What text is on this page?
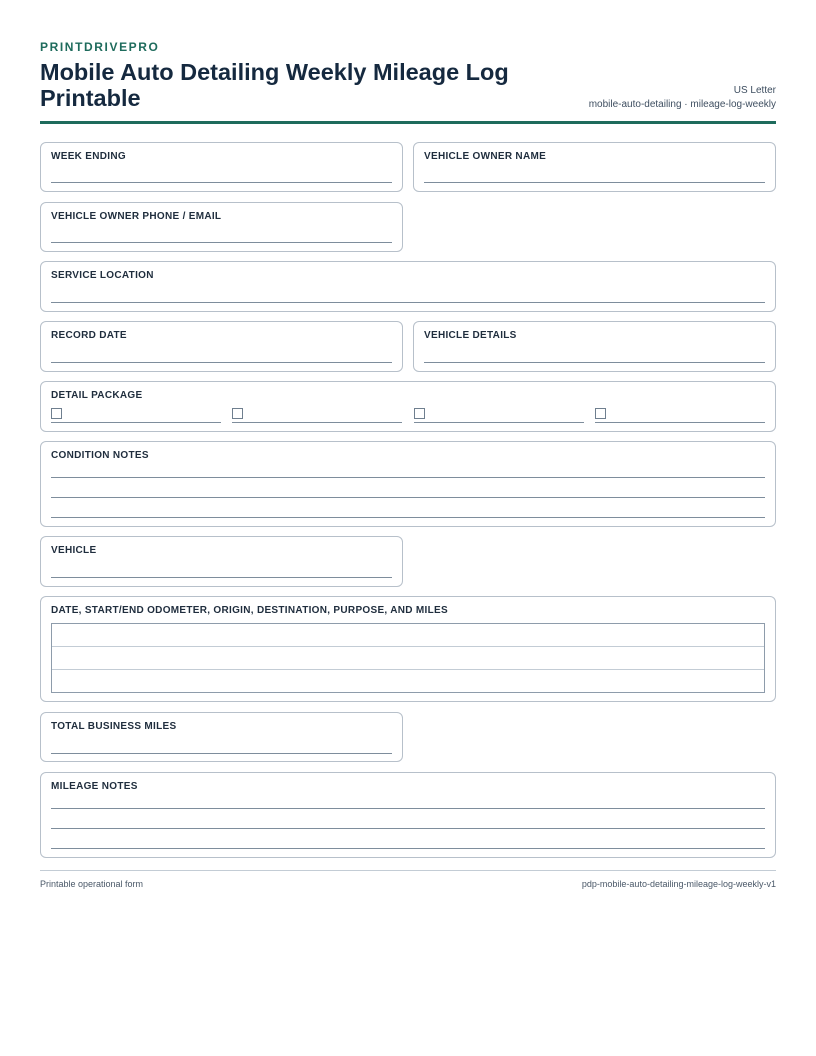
PRINTDRIVEPRO
Mobile Auto Detailing Weekly Mileage Log Printable	US Letter
mobile-auto-detailing · mileage-log-weekly
WEEK ENDING	VEHICLE OWNER NAME
VEHICLE OWNER PHONE / EMAIL
SERVICE LOCATION
RECORD DATE	VEHICLE DETAILS
DETAIL PACKAGE
CONDITION NOTES
VEHICLE
DATE, START/END ODOMETER, ORIGIN, DESTINATION, PURPOSE, AND MILES
TOTAL BUSINESS MILES
MILEAGE NOTES
Printable operational form	pdp-mobile-auto-detailing-mileage-log-weekly-v1
